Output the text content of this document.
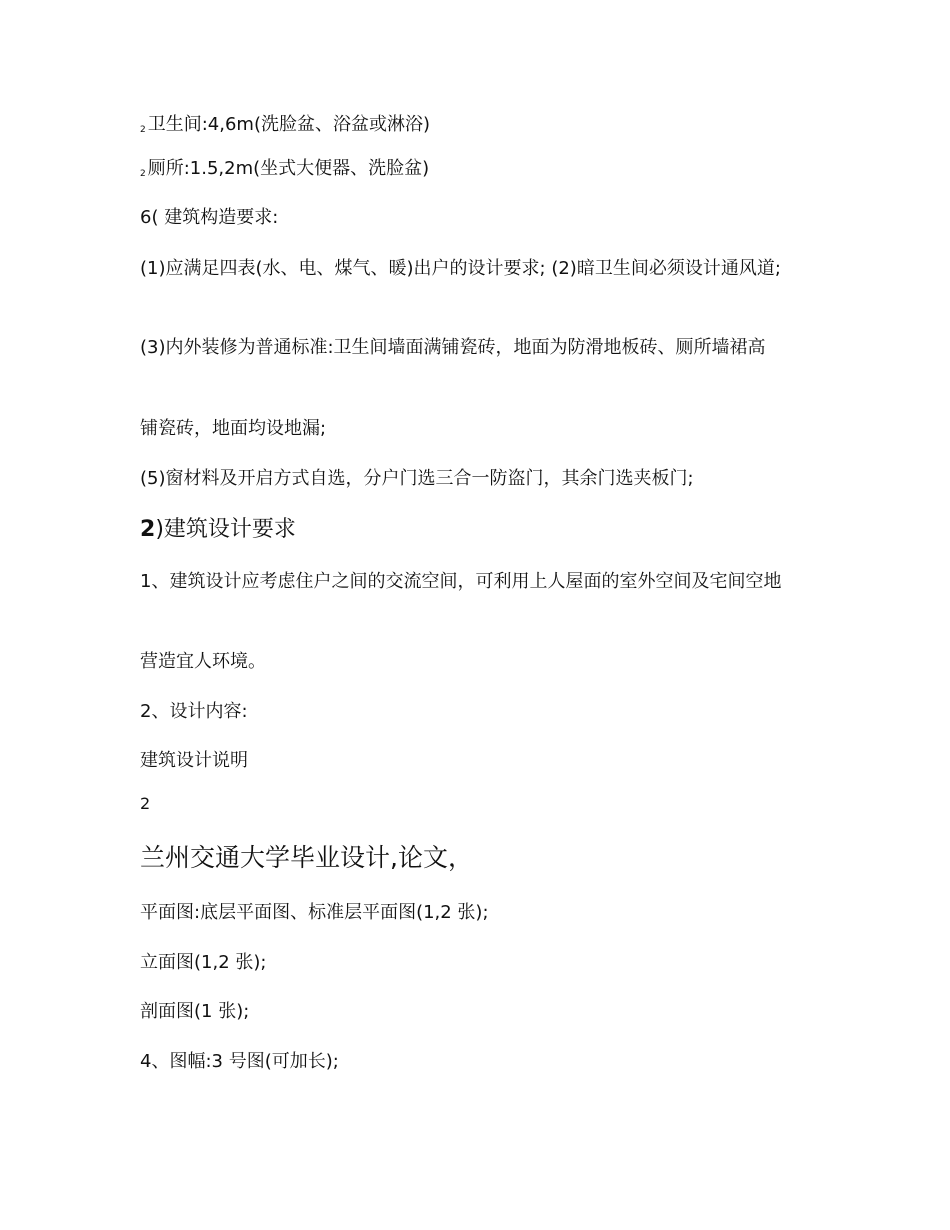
$_2$ 卫生间:4,6m(洗脸盆、浴盆或淋浴)
$_2$ 厕所:1.5,2m(坐式大便器、洗脸盆)
6( 建筑构造要求:
(1)应满足四表(水、电、煤气、暖)出户的设计要求; (2)暗卫生间必须设计通风道;
(3)内外装修为普通标准:卫生间墙面满铺瓷砖，地面为防滑地板砖、厕所墙裙高
铺瓷砖，地面均设地漏;
(5)窗材料及开启方式自选，分户门选三合一防盗门，其余门选夹板门;
2)建筑设计要求
1、建筑设计应考虑住户之间的交流空间，可利用上人屋面的室外空间及宅间空地
营造宜人环境。
2、设计内容:
建筑设计说明
2
兰州交通大学毕业设计,论文，
平面图:底层平面图、标准层平面图(1,2 张);
立面图(1,2 张);
剖面图(1 张);
4、图幅:3 号图(可加长);
